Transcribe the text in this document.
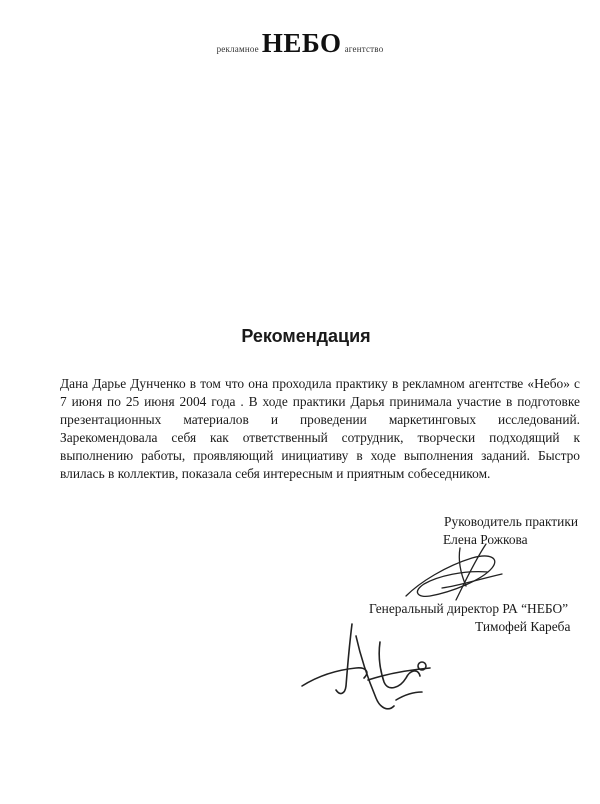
рекламное НЕБО агентство
Рекомендация
Дана Дарье Дунченко в том что она проходила практику в рекламном агентстве «Небо» с
7 июня по 25 июня 2004 года . В ходе практики Дарья принимала участие в подготовке
презентационных материалов и проведении маркетинговых исследований.
Зарекомендовала себя как ответственный сотрудник, творчески подходящий к
выполнению работы, проявляющий инициативу в ходе выполнения заданий. Быстро
влилась в коллектив, показала себя интересным и приятным собеседником.
Руководитель практики
Елена Рожкова
Генеральный директор РА “НЕБО”
Тимофей Кареба
